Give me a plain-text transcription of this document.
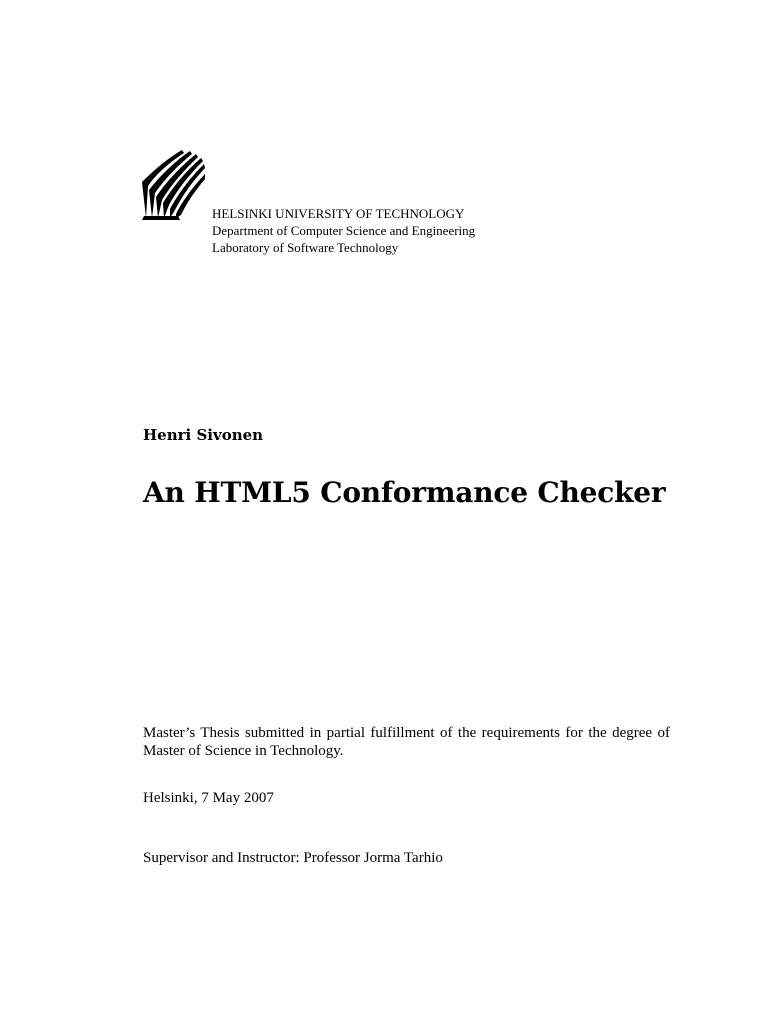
HELSINKI UNIVERSITY OF TECHNOLOGY
Department of Computer Science and Engineering
Laboratory of Software Technology
Henri Sivonen
An HTML5 Conformance Checker
Master’s Thesis submitted in partial fulfillment of the requirements for the degree of Master of Science in Technology.
Helsinki, 7 May 2007
Supervisor and Instructor: Professor Jorma Tarhio
